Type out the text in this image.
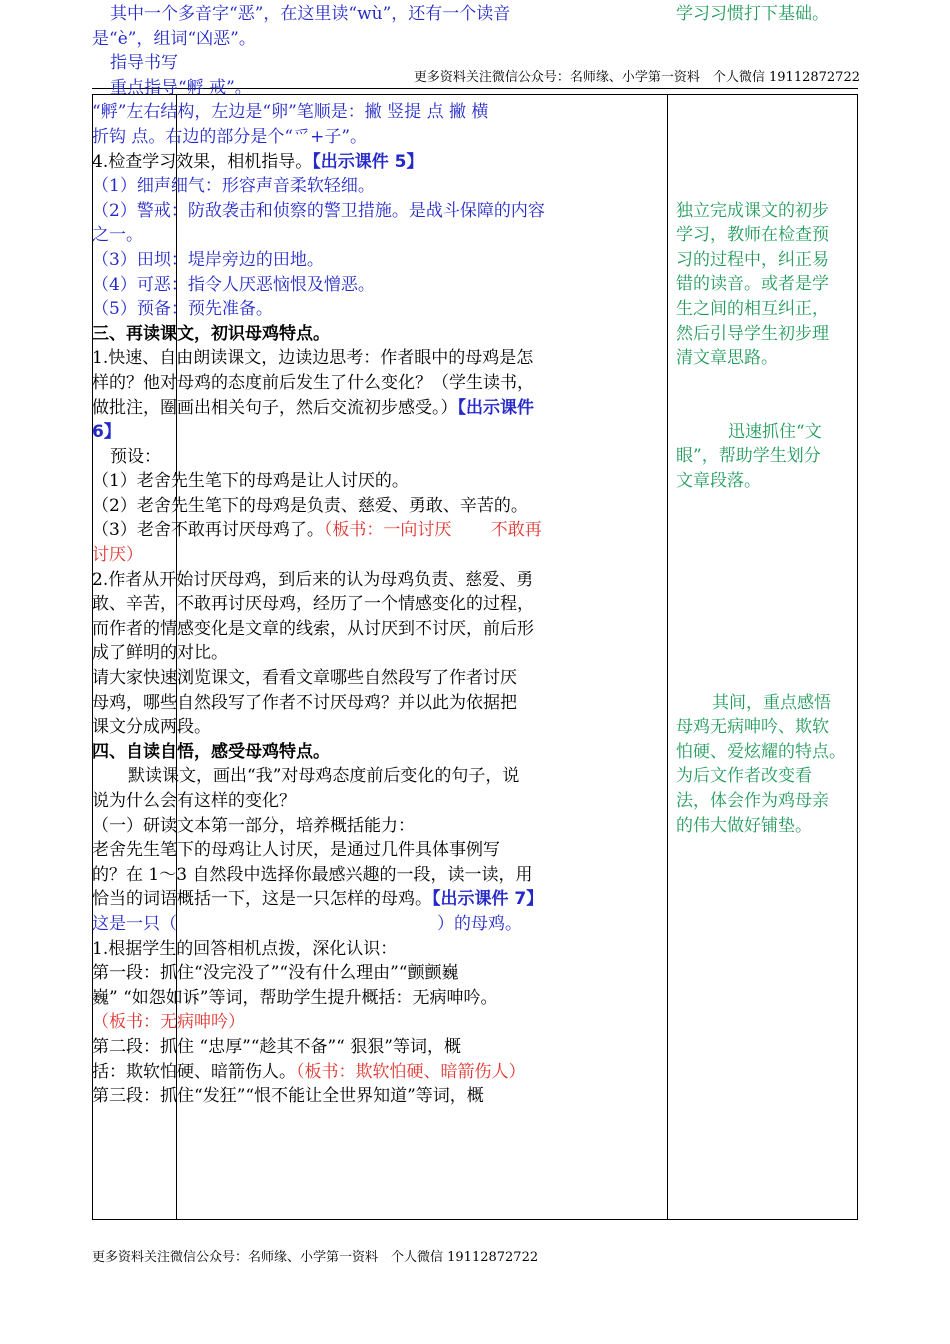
更多资料关注微信公众号：名师缘、小学第一资料　个人微信 19112872722
其中一个多音字“恶”，在这里读“wù”，还有一个读音
是“è”，组词“凶恶”。
指导书写
重点指导“孵 戒”。
“孵”左右结构，左边是“卵”笔顺是：撇 竖提 点 撇 横
折钩 点。右边的部分是个“爫+子”。
4.检查学习效果，相机指导。【出示课件 5】
（1）细声细气：形容声音柔软轻细。
（2）警戒：防敌袭击和侦察的警卫措施。是战斗保障的内容
之一。
（3）田坝：堤岸旁边的田地。
（4）可恶：指令人厌恶恼恨及憎恶。
（5）预备：预先准备。
三、再读课文，初识母鸡特点。
1.快速、自由朗读课文，边读边思考：作者眼中的母鸡是怎
样的？他对母鸡的态度前后发生了什么变化？（学生读书，
做批注，圈画出相关句子，然后交流初步感受。）【出示课件
6】
预设：
（1）老舍先生笔下的母鸡是让人讨厌的。
（2）老舍先生笔下的母鸡是负责、慈爱、勇敢、辛苦的。
（3）老舍不敢再讨厌母鸡了。（板书：一向讨厌　　 不敢再
讨厌）
2.作者从开始讨厌母鸡，到后来的认为母鸡负责、慈爱、勇
敢、辛苦，不敢再讨厌母鸡，经历了一个情感变化的过程，
而作者的情感变化是文章的线索，从讨厌到不讨厌，前后形
成了鲜明的对比。
请大家快速浏览课文，看看文章哪些自然段写了作者讨厌
母鸡，哪些自然段写了作者不讨厌母鸡？并以此为依据把
课文分成两段。
四、自读自悟，感受母鸡特点。
默读课文，画出“我”对母鸡态度前后变化的句子，说
说为什么会有这样的变化？
（一）研读文本第一部分，培养概括能力：
老舍先生笔下的母鸡让人讨厌，是通过几件具体事例写
的？在 1～3 自然段中选择你最感兴趣的一段，读一读，用
恰当的词语概括一下，这是一只怎样的母鸡。【出示课件 7】
这是一只（	）的母鸡。
1.根据学生的回答相机点拨，深化认识：
第一段：抓住“没完没了”“没有什么理由”“颤颤巍
巍” “如怨如诉”等词，帮助学生提升概括：无病呻吟。
（板书：无病呻吟）
第二段：抓住 “忠厚”“趁其不备”“ 狠狠”等词，概
括：欺软怕硬、暗箭伤人。（板书：欺软怕硬、暗箭伤人）
第三段：抓住“发狂”“恨不能让全世界知道”等词，概
学习习惯打下基础。
独立完成课文的初步
学习，教师在检查预
习的过程中，纠正易
错的读音。或者是学
生之间的相互纠正，
然后引导学生初步理
清文章思路。
迅速抓住“文
眼”，帮助学生划分
文章段落。
其间，重点感悟
母鸡无病呻吟、欺软
怕硬、爱炫耀的特点。
为后文作者改变看
法，体会作为鸡母亲
的伟大做好铺垫。
更多资料关注微信公众号：名师缘、小学第一资料　个人微信 19112872722
